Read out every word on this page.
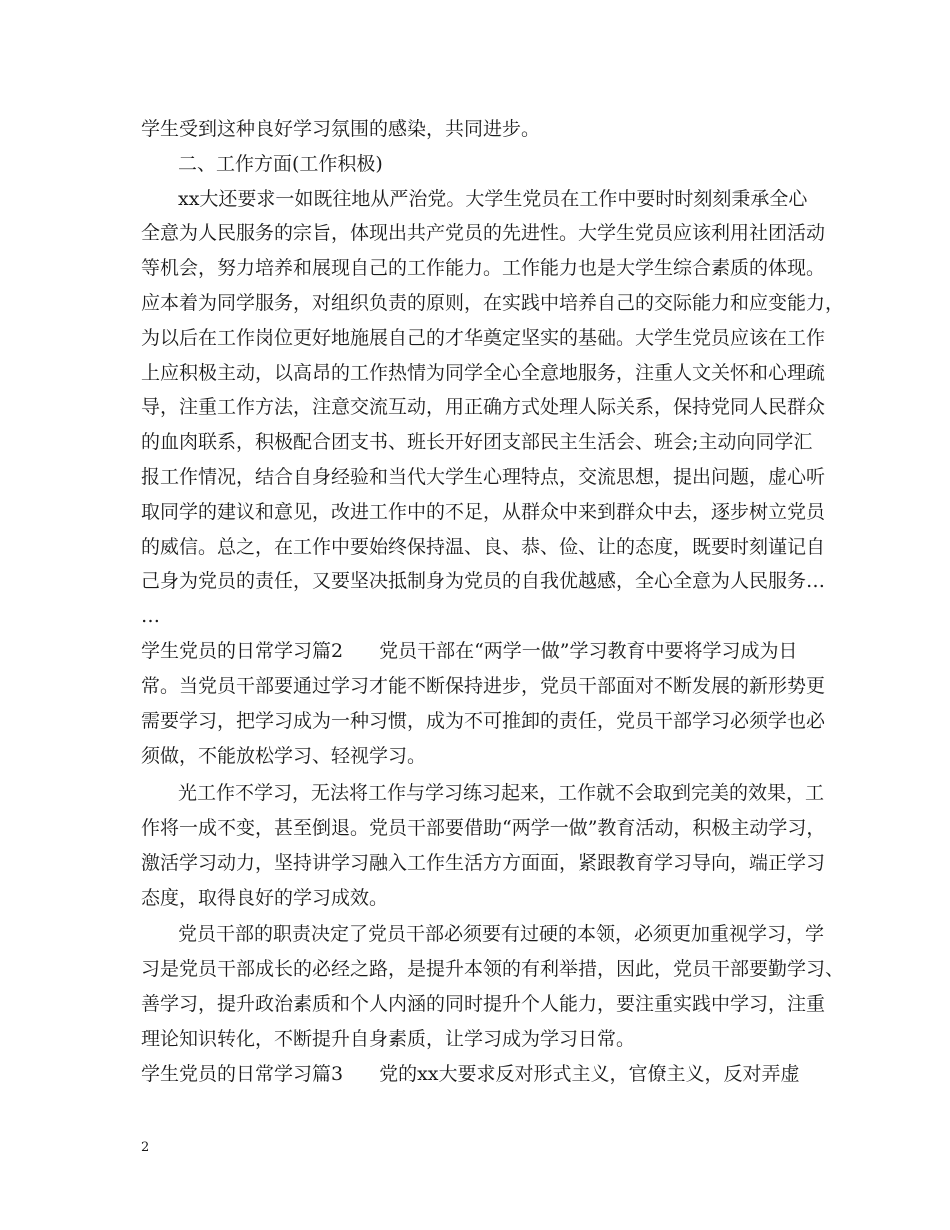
学生受到这种良好学习氛围的感染，共同进步。
二、工作方面(工作积极)
xx大还要求一如既往地从严治党。大学生党员在工作中要时时刻刻秉承全心
全意为人民服务的宗旨，体现出共产党员的先进性。大学生党员应该利用社团活动
等机会，努力培养和展现自己的工作能力。工作能力也是大学生综合素质的体现。
应本着为同学服务，对组织负责的原则，在实践中培养自己的交际能力和应变能力，
为以后在工作岗位更好地施展自己的才华奠定坚实的基础。大学生党员应该在工作
上应积极主动，以高昂的工作热情为同学全心全意地服务，注重人文关怀和心理疏
导，注重工作方法，注意交流互动，用正确方式处理人际关系，保持党同人民群众
的血肉联系，积极配合团支书、班长开好团支部民主生活会、班会;主动向同学汇
报工作情况，结合自身经验和当代大学生心理特点，交流思想，提出问题，虚心听
取同学的建议和意见，改进工作中的不足，从群众中来到群众中去，逐步树立党员
的威信。总之，在工作中要始终保持温、良、恭、俭、让的态度，既要时刻谨记自
己身为党员的责任，又要坚决抵制身为党员的自我优越感，全心全意为人民服务…
…
学生党员的日常学习篇2 党员干部在“两学一做”学习教育中要将学习成为日
常。当党员干部要通过学习才能不断保持进步，党员干部面对不断发展的新形势更
需要学习，把学习成为一种习惯，成为不可推卸的责任，党员干部学习必须学也必
须做，不能放松学习、轻视学习。
光工作不学习，无法将工作与学习练习起来，工作就不会取到完美的效果，工
作将一成不变，甚至倒退。党员干部要借助“两学一做”教育活动，积极主动学习，
激活学习动力，坚持讲学习融入工作生活方方面面，紧跟教育学习导向，端正学习
态度，取得良好的学习成效。
党员干部的职责决定了党员干部必须要有过硬的本领，必须更加重视学习，学
习是党员干部成长的必经之路，是提升本领的有利举措，因此，党员干部要勤学习、
善学习，提升政治素质和个人内涵的同时提升个人能力，要注重实践中学习，注重
理论知识转化，不断提升自身素质，让学习成为学习日常。
学生党员的日常学习篇3 党的xx大要求反对形式主义，官僚主义，反对弄虚
2
